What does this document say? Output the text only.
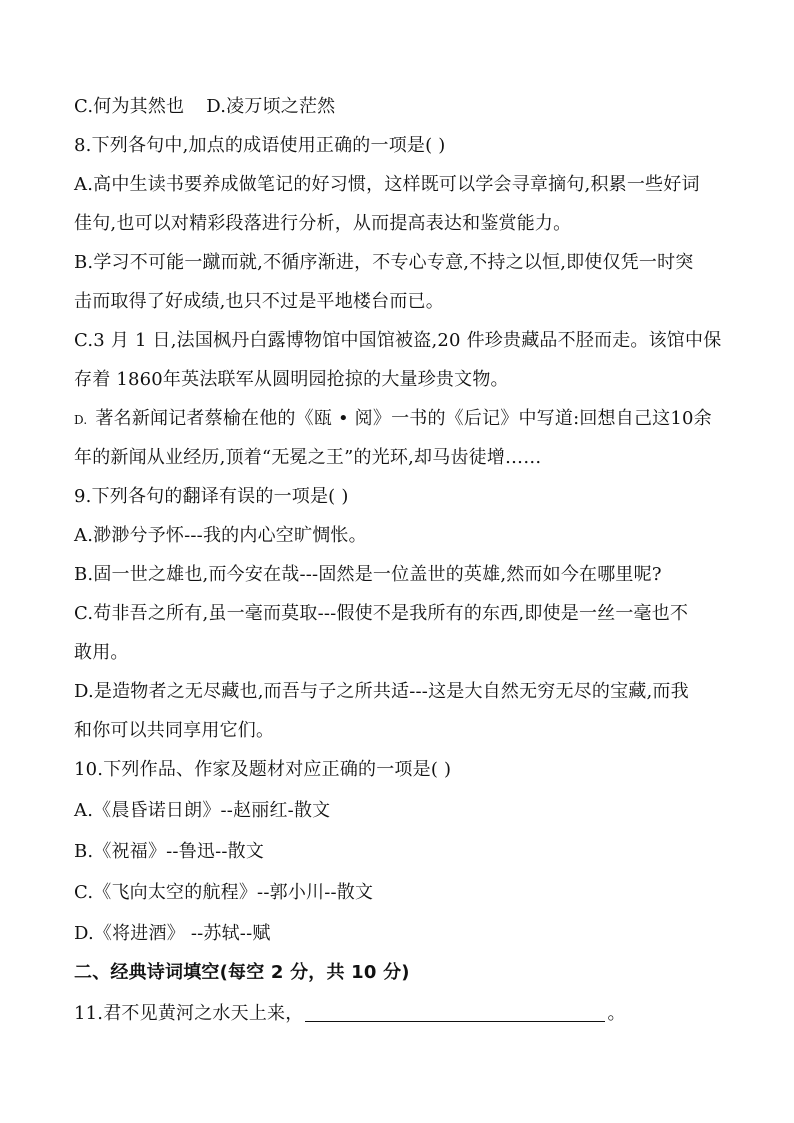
C.何为其然也 D.凌万顷之茫然
8.下列各句中,加点的成语使用正确的一项是( )
A.高中生读书要养成做笔记的好习惯，这样既可以学会寻章摘句,积累一些好词
佳句,也可以对精彩段落进行分析，从而提高表达和鉴赏能力。
B.学习不可能一蹴而就,不循序渐进，不专心专意,不持之以恒,即使仅凭一时突
击而取得了好成绩,也只不过是平地楼台而已。
C.3 月 1 日,法国枫丹白露博物馆中国馆被盗,20 件珍贵藏品不胫而走。该馆中保
存着 1860年英法联军从圆明园抢掠的大量珍贵文物。
D. 著名新闻记者蔡榆在他的《瓯 • 阅》一书的《后记》中写道:回想自己这10余
年的新闻从业经历,顶着“无冕之王”的光环,却马齿徒增……
9.下列各句的翻译有误的一项是( )
A.渺渺兮予怀---我的内心空旷惆怅。
B.固一世之雄也,而今安在哉---固然是一位盖世的英雄,然而如今在哪里呢?
C.苟非吾之所有,虽一毫而莫取---假使不是我所有的东西,即使是一丝一毫也不
敢用。
D.是造物者之无尽藏也,而吾与子之所共适---这是大自然无穷无尽的宝藏,而我
和你可以共同享用它们。
10.下列作品、作家及题材对应正确的一项是( )
A.《晨昏诺日朗》--赵丽红-散文
B.《祝福》--鲁迅--散文
C.《飞向太空的航程》--郭小川--散文
D.《将进酒》 --苏轼--赋
二、经典诗词填空(每空 2 分，共 10 分)
11.君不见黄河之水天上来，	。
